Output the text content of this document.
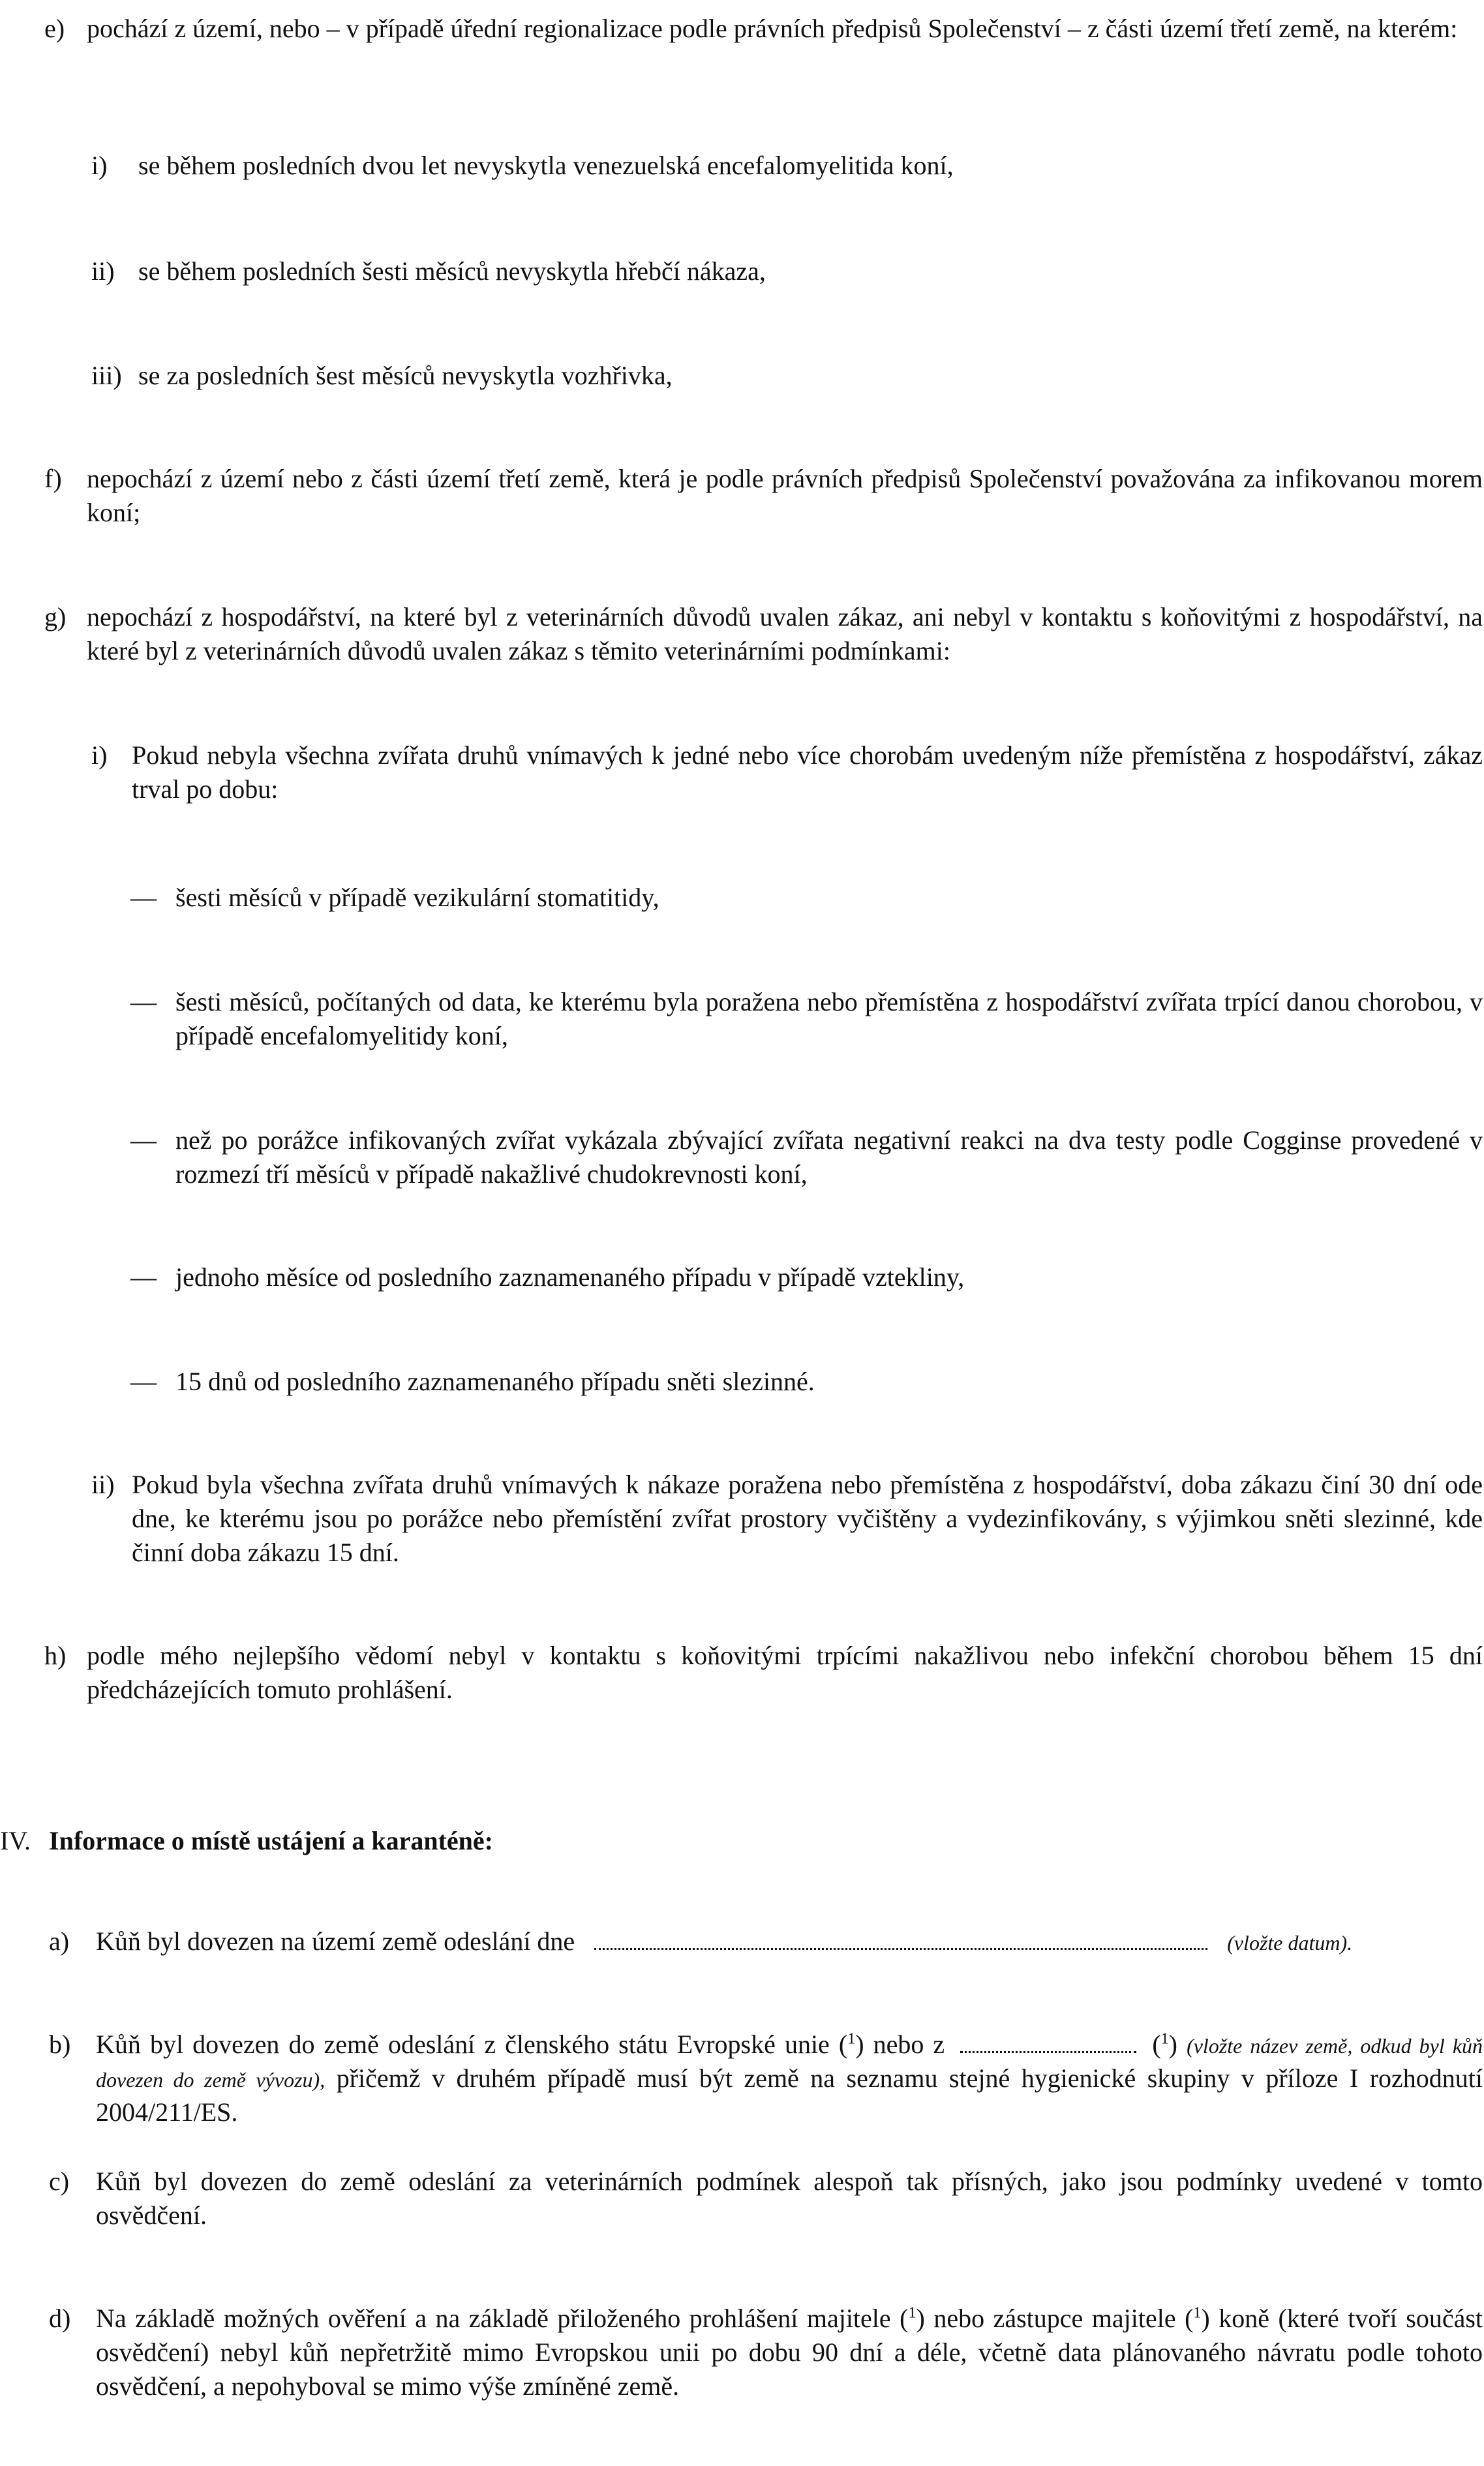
e) pochází z území, nebo – v případě úřední regionalizace podle právních předpisů Společenství – z části území třetí země, na kterém:
i) se během posledních dvou let nevyskytla venezuelská encefalomyelitida koní,
ii) se během posledních šesti měsíců nevyskytla hřebčí nákaza,
iii) se za posledních šest měsíců nevyskytla vozhřivka,
f) nepochází z území nebo z části území třetí země, která je podle právních předpisů Společenství považována za infikovanou morem koní;
g) nepochází z hospodářství, na které byl z veterinárních důvodů uvalen zákaz, ani nebyl v kontaktu s koňovitými z hospodářství, na které byl z veterinárních důvodů uvalen zákaz s těmito veterinárními podmínkami:
i) Pokud nebyla všechna zvířata druhů vnímavých k jedné nebo více chorobám uvedeným níže přemístěna z hospodářství, zákaz trval po dobu:
— šesti měsíců v případě vezikulární stomatitidy,
— šesti měsíců, počítaných od data, ke kterému byla poražena nebo přemístěna z hospodářství zvířata trpící danou chorobou, v případě encefalomyelitidy koní,
— než po porážce infikovaných zvířat vykázala zbývající zvířata negativní reakci na dva testy podle Cogginse provedené v rozmezí tří měsíců v případě nakažlivé chudokrevnosti koní,
— jednoho měsíce od posledního zaznamenaného případu v případě vztekliny,
— 15 dnů od posledního zaznamenaného případu sněti slezinné.
ii) Pokud byla všechna zvířata druhů vnímavých k nákaze poražena nebo přemístěna z hospodářství, doba zákazu činí 30 dní ode dne, ke kterému jsou po porážce nebo přemístění zvířat prostory vyčištěny a vydezinfikovány, s výjimkou sněti slezinné, kde činní doba zákazu 15 dní.
h) podle mého nejlepšího vědomí nebyl v kontaktu s koňovitými trpícími nakažlivou nebo infekční chorobou během 15 dní předcházejících tomuto prohlášení.
IV. Informace o místě ustájení a karanténě:
a) Kůň byl dovezen na území země odeslání dne	(vložte datum).
b) Kůň byl dovezen do země odeslání z členského státu Evropské unie ($^1$) nebo z	($^1$) (vložte název země, odkud byl kůň dovezen do země vývozu), přičemž v druhém případě musí být země na seznamu stejné hygienické skupiny v příloze I rozhodnutí 2004/211/ES.
c) Kůň byl dovezen do země odeslání za veterinárních podmínek alespoň tak přísných, jako jsou podmínky uvedené v tomto osvědčení.
d) Na základě možných ověření a na základě přiloženého prohlášení majitele ($^1$) nebo zástupce majitele ($^1$) koně (které tvoří součást osvědčení) nebyl kůň nepřetržitě mimo Evropskou unii po dobu 90 dní a déle, včetně data plánovaného návratu podle tohoto osvědčení, a nepohyboval se mimo výše zmíněné země.
